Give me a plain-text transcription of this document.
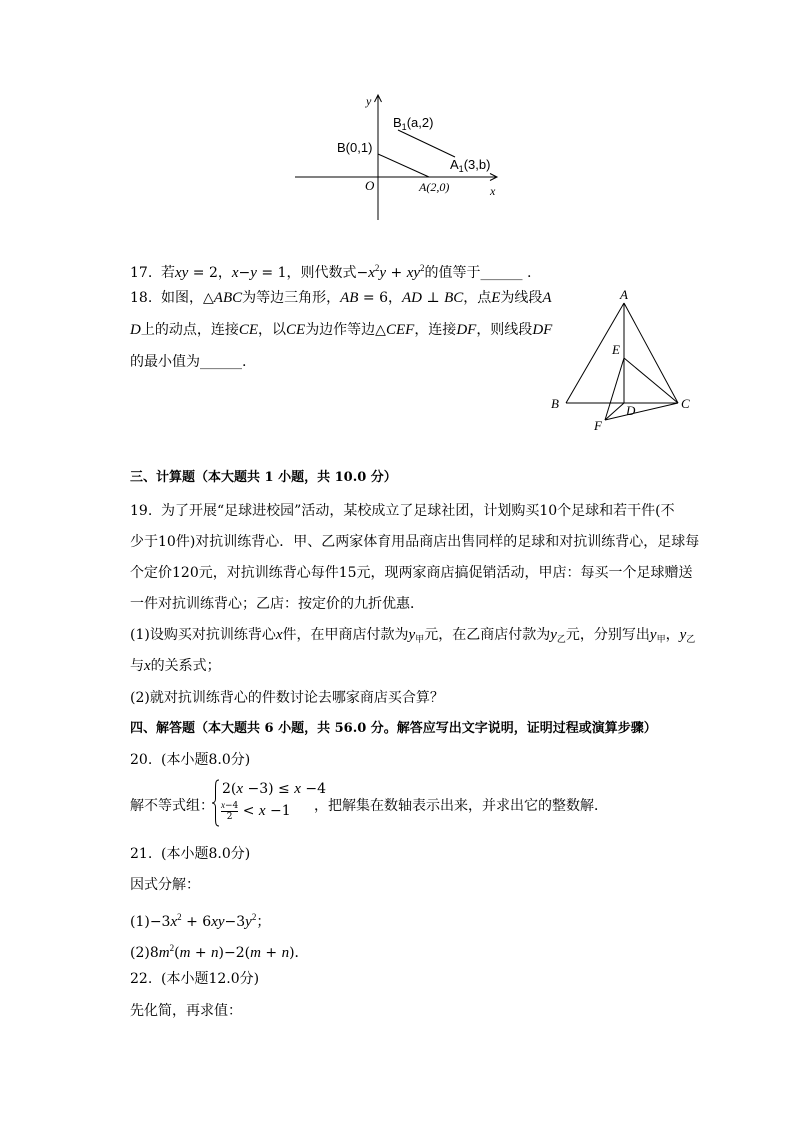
y
x
O
B(0,1)
A(2,0)
$B_1(a,2)$
$A_1(3,b)$
17. 若xy = 2，x−y = 1，则代数式$-x^2y + xy^2$的值等于______ .
18. 如图，△ABC为等边三角形，AB = 6，AD ⊥ BC，点E为线段A
D上的动点，连接CE，以CE为边作等边△CEF，连接DF，则线段DF
的最小值为______.
A
B	C
E
D
F
三、计算题（本大题共 1 小题，共 10.0 分）
19. 为了开展“足球进校园”活动，某校成立了足球社团，计划购买10个足球和若干件(不
少于10件)对抗训练背心．甲、乙两家体育用品商店出售同样的足球和对抗训练背心，足球每
个定价120元，对抗训练背心每件15元，现两家商店搞促销活动，甲店：每买一个足球赠送
一件对抗训练背心；乙店：按定价的九折优惠．
(1)设购买对抗训练背心x件，在甲商店付款为$y_甲$元，在乙商店付款为$y_乙$元，分别写出$y_甲$，$y_乙$
与x的关系式；
(2)就对抗训练背心的件数讨论去哪家商店买合算？
四、解答题（本大题共 6 小题，共 56.0 分。解答应写出文字说明，证明过程或演算步骤）
20. (本小题8.0分)
解不等式组：
2(x −3) ≤ x −4
$\frac{x-4}{2} < x -1$ ，把解集在数轴表示出来，并求出它的整数解．
21. (本小题8.0分)
因式分解：
$(1)-3x^2 + 6xy-3y^2$；
$(2)8m^2(m + n)-2(m + n)$．
22. (本小题12.0分)
先化简，再求值：
